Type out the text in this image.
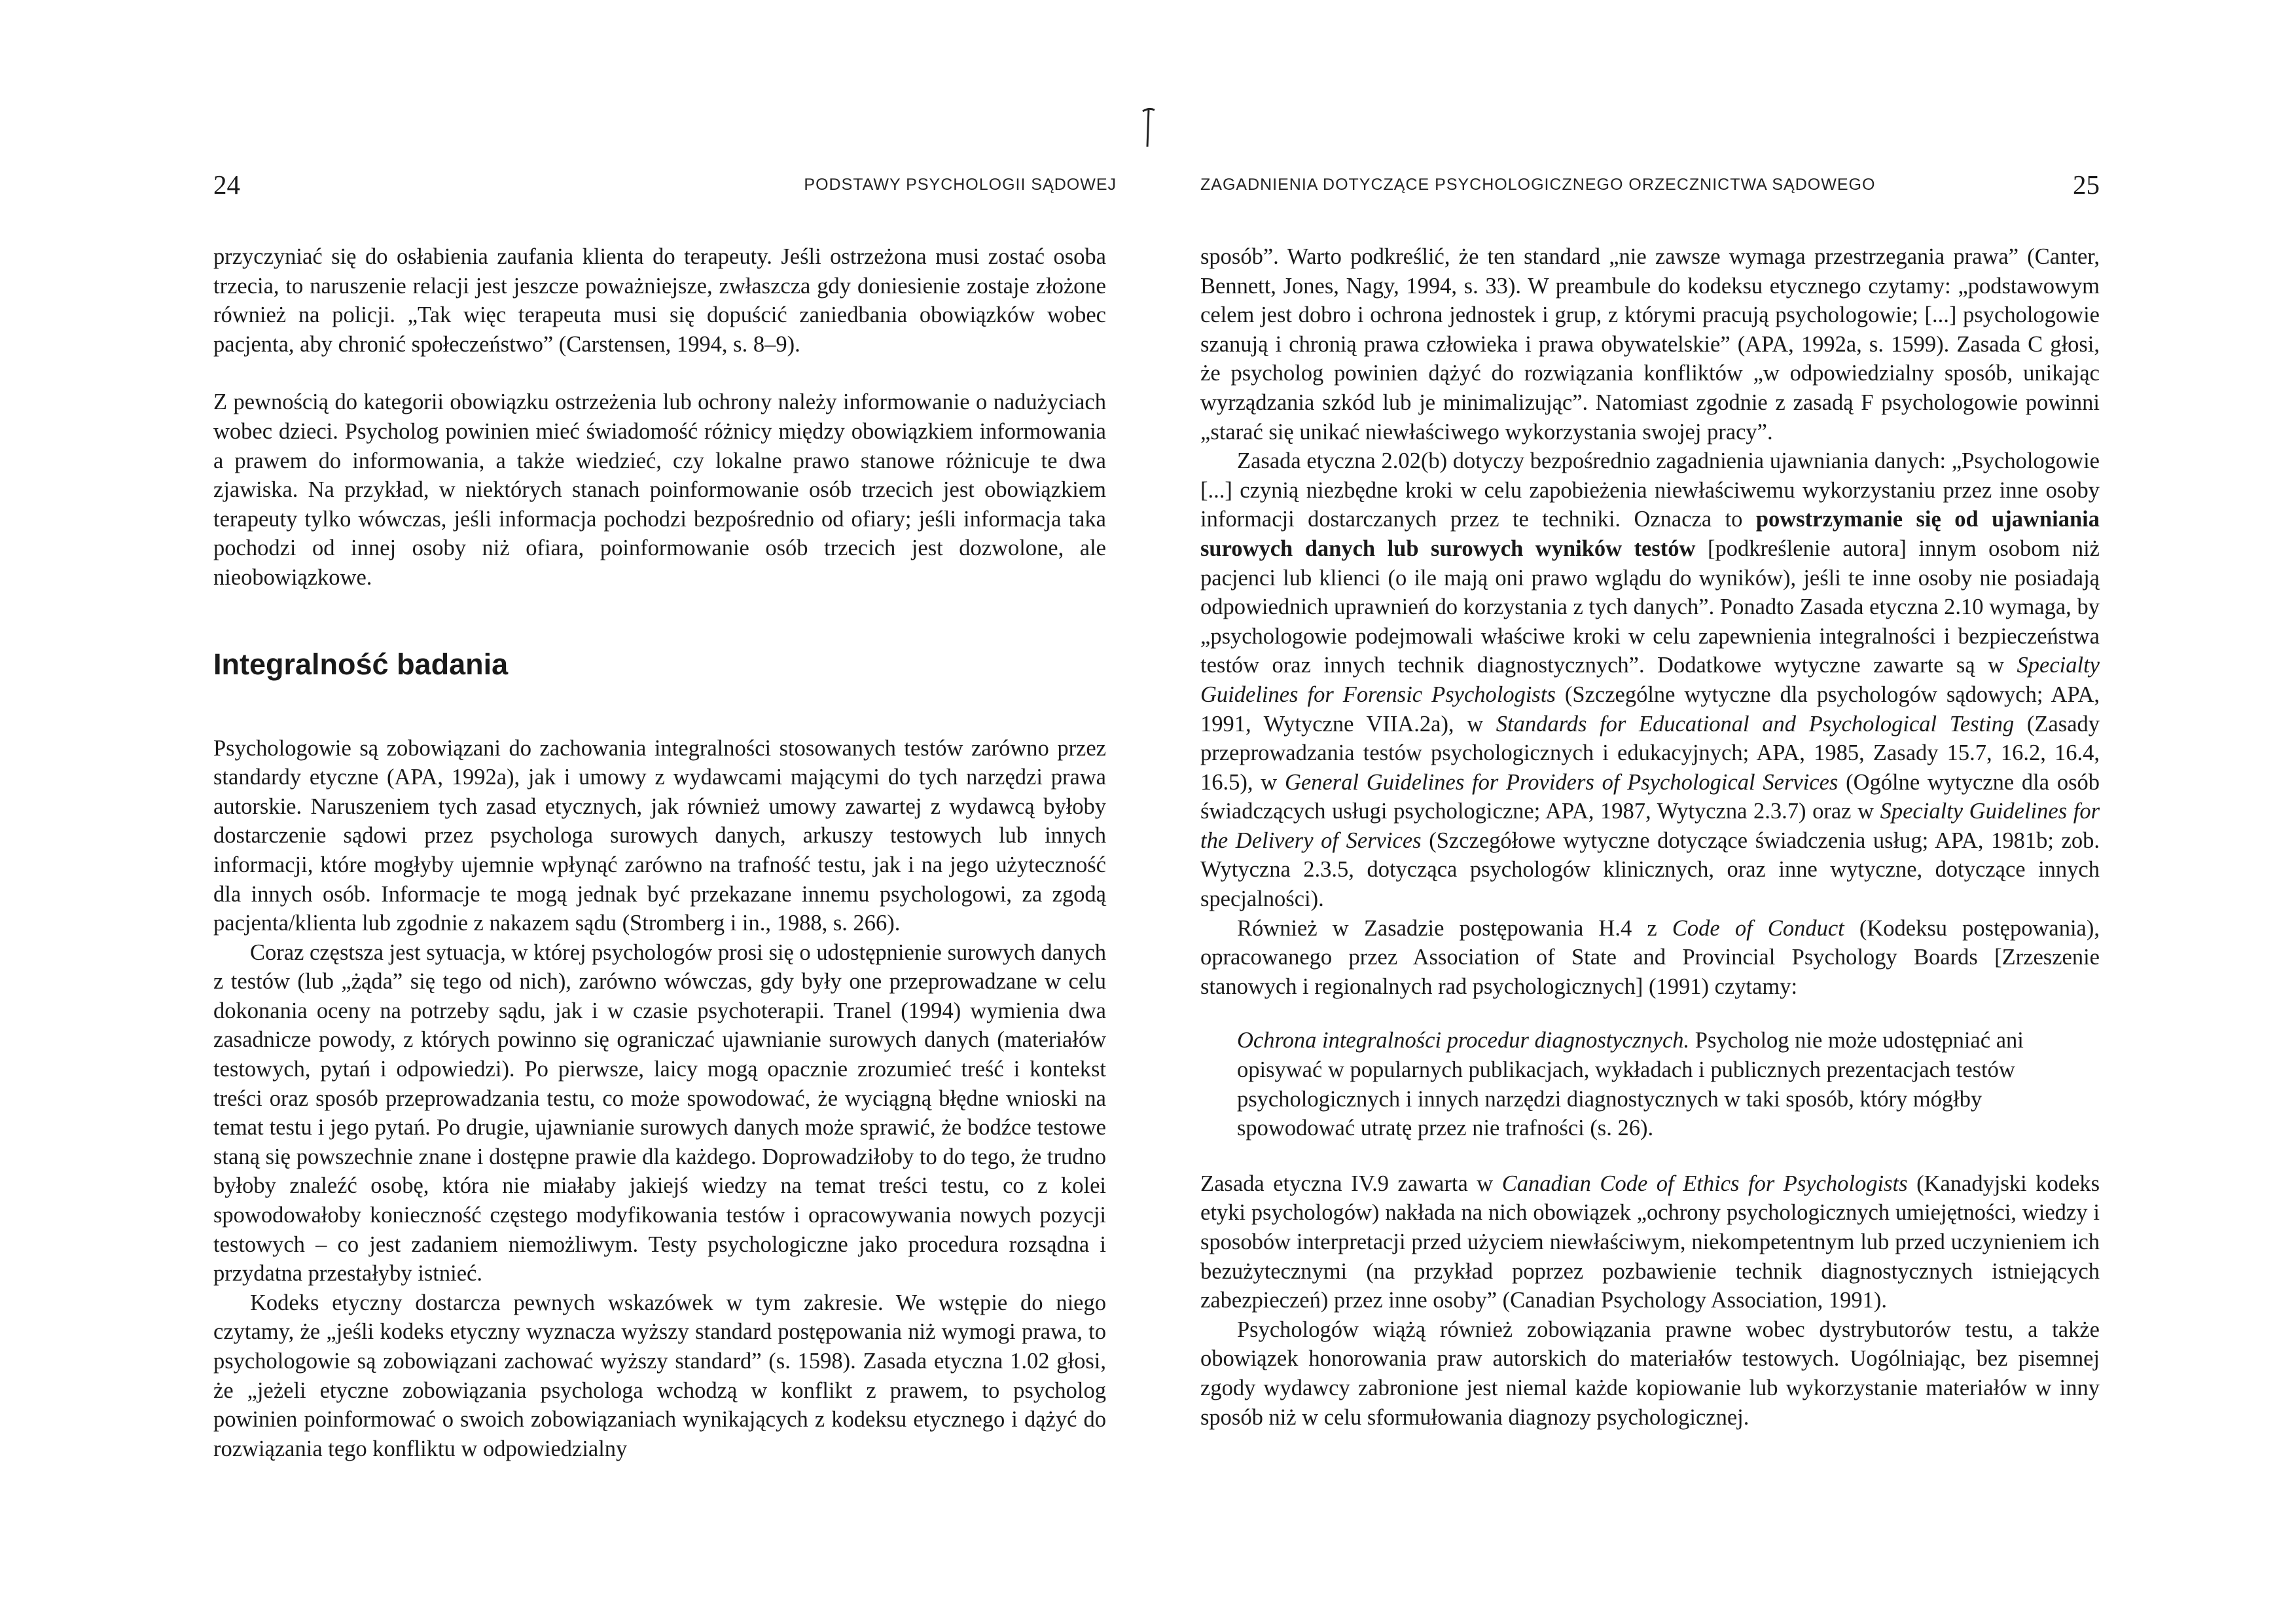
24	PODSTAWY PSYCHOLOGII SĄDOWEJ

przyczyniać się do osłabienia zaufania klienta do terapeuty. Jeśli ostrzeżona musi zostać osoba trzecia, to naruszenie relacji jest jeszcze poważniejsze, zwłaszcza gdy doniesienie zostaje złożone również na policji. „Tak więc terapeuta musi się dopuścić zaniedbania obowiązków wobec pacjenta, aby chronić społeczeństwo” (Carstensen, 1994, s. 8–9).

Z pewnością do kategorii obowiązku ostrzeżenia lub ochrony należy informowanie o nadużyciach wobec dzieci. Psycholog powinien mieć świadomość różnicy między obowiązkiem informowania a prawem do informowania, a także wiedzieć, czy lokalne prawo stanowe różnicuje te dwa zjawiska. Na przykład, w niektórych stanach poinformowanie osób trzecich jest obowiązkiem terapeuty tylko wówczas, jeśli informacja pochodzi bezpośrednio od ofiary; jeśli informacja taka pochodzi od innej osoby niż ofiara, poinformowanie osób trzecich jest dozwolone, ale nieobowiązkowe.

Integralność badania

Psychologowie są zobowiązani do zachowania integralności stosowanych testów zarówno przez standardy etyczne (APA, 1992a), jak i umowy z wydawcami mającymi do tych narzędzi prawa autorskie. Naruszeniem tych zasad etycznych, jak również umowy zawartej z wydawcą byłoby dostarczenie sądowi przez psychologa surowych danych, arkuszy testowych lub innych informacji, które mogłyby ujemnie wpłynąć zarówno na trafność testu, jak i na jego użyteczność dla innych osób. Informacje te mogą jednak być przekazane innemu psychologowi, za zgodą pacjenta/klienta lub zgodnie z nakazem sądu (Stromberg i in., 1988, s. 266).

Coraz częstsza jest sytuacja, w której psychologów prosi się o udostępnienie surowych danych z testów (lub „żąda” się tego od nich), zarówno wówczas, gdy były one przeprowadzane w celu dokonania oceny na potrzeby sądu, jak i w czasie psychoterapii. Tranel (1994) wymienia dwa zasadnicze powody, z których powinno się ograniczać ujawnianie surowych danych (materiałów testowych, pytań i odpowiedzi). Po pierwsze, laicy mogą opacznie zrozumieć treść i kontekst treści oraz sposób przeprowadzania testu, co może spowodować, że wyciągną błędne wnioski na temat testu i jego pytań. Po drugie, ujawnianie surowych danych może sprawić, że bodźce testowe staną się powszechnie znane i dostępne prawie dla każdego. Doprowadziłoby to do tego, że trudno byłoby znaleźć osobę, która nie miałaby jakiejś wiedzy na temat treści testu, co z kolei spowodowałoby konieczność częstego modyfikowania testów i opracowywania nowych pozycji testowych – co jest zadaniem niemożliwym. Testy psychologiczne jako procedura rozsądna i przydatna przestałyby istnieć.

Kodeks etyczny dostarcza pewnych wskazówek w tym zakresie. We wstępie do niego czytamy, że „jeśli kodeks etyczny wyznacza wyższy standard postępowania niż wymogi prawa, to psychologowie są zobowiązani zachować wyższy standard” (s. 1598). Zasada etyczna 1.02 głosi, że „jeżeli etyczne zobowiązania psychologa wchodzą w konflikt z prawem, to psycholog powinien poinformować o swoich zobowiązaniach wynikających z kodeksu etycznego i dążyć do rozwiązania tego konfliktu w odpowiedzialny

ZAGADNIENIA DOTYCZĄCE PSYCHOLOGICZNEGO ORZECZNICTWA SĄDOWEGO	25

sposób”. Warto podkreślić, że ten standard „nie zawsze wymaga przestrzegania prawa” (Canter, Bennett, Jones, Nagy, 1994, s. 33). W preambule do kodeksu etycznego czytamy: „podstawowym celem jest dobro i ochrona jednostek i grup, z którymi pracują psychologowie; [...] psychologowie szanują i chronią prawa człowieka i prawa obywatelskie” (APA, 1992a, s. 1599). Zasada C głosi, że psycholog powinien dążyć do rozwiązania konfliktów „w odpowiedzialny sposób, unikając wyrządzania szkód lub je minimalizując”. Natomiast zgodnie z zasadą F psychologowie powinni „starać się unikać niewłaściwego wykorzystania swojej pracy”.

Zasada etyczna 2.02(b) dotyczy bezpośrednio zagadnienia ujawniania danych: „Psychologowie [...] czynią niezbędne kroki w celu zapobieżenia niewłaściwemu wykorzystaniu przez inne osoby informacji dostarczanych przez te techniki. Oznacza to powstrzymanie się od ujawniania surowych danych lub surowych wyników testów [podkreślenie autora] innym osobom niż pacjenci lub klienci (o ile mają oni prawo wglądu do wyników), jeśli te inne osoby nie posiadają odpowiednich uprawnień do korzystania z tych danych”. Ponadto Zasada etyczna 2.10 wymaga, by „psychologowie podejmowali właściwe kroki w celu zapewnienia integralności i bezpieczeństwa testów oraz innych technik diagnostycznych”. Dodatkowe wytyczne zawarte są w Specialty Guidelines for Forensic Psychologists (Szczególne wytyczne dla psychologów sądowych; APA, 1991, Wytyczne VIIA.2a), w Standards for Educational and Psychological Testing (Zasady przeprowadzania testów psychologicznych i edukacyjnych; APA, 1985, Zasady 15.7, 16.2, 16.4, 16.5), w General Guidelines for Providers of Psychological Services (Ogólne wytyczne dla osób świadczących usługi psychologiczne; APA, 1987, Wytyczna 2.3.7) oraz w Specialty Guidelines for the Delivery of Services (Szczegółowe wytyczne dotyczące świadczenia usług; APA, 1981b; zob. Wytyczna 2.3.5, dotycząca psychologów klinicznych, oraz inne wytyczne, dotyczące innych specjalności).

Również w Zasadzie postępowania H.4 z Code of Conduct (Kodeksu postępowania), opracowanego przez Association of State and Provincial Psychology Boards [Zrzeszenie stanowych i regionalnych rad psychologicznych] (1991) czytamy:

Ochrona integralności procedur diagnostycznych. Psycholog nie może udostępniać ani opisywać w popularnych publikacjach, wykładach i publicznych prezentacjach testów psychologicznych i innych narzędzi diagnostycznych w taki sposób, który mógłby spowodować utratę przez nie trafności (s. 26).

Zasada etyczna IV.9 zawarta w Canadian Code of Ethics for Psychologists (Kanadyjski kodeks etyki psychologów) nakłada na nich obowiązek „ochrony psychologicznych umiejętności, wiedzy i sposobów interpretacji przed użyciem niewłaściwym, niekompetentnym lub przed uczynieniem ich bezużytecznymi (na przykład poprzez pozbawienie technik diagnostycznych istniejących zabezpieczeń) przez inne osoby” (Canadian Psychology Association, 1991).

Psychologów wiążą również zobowiązania prawne wobec dystrybutorów testu, a także obowiązek honorowania praw autorskich do materiałów testowych. Uogólniając, bez pisemnej zgody wydawcy zabronione jest niemal każde kopiowanie lub wykorzystanie materiałów w inny sposób niż w celu sformułowania diagnozy psychologicznej.
